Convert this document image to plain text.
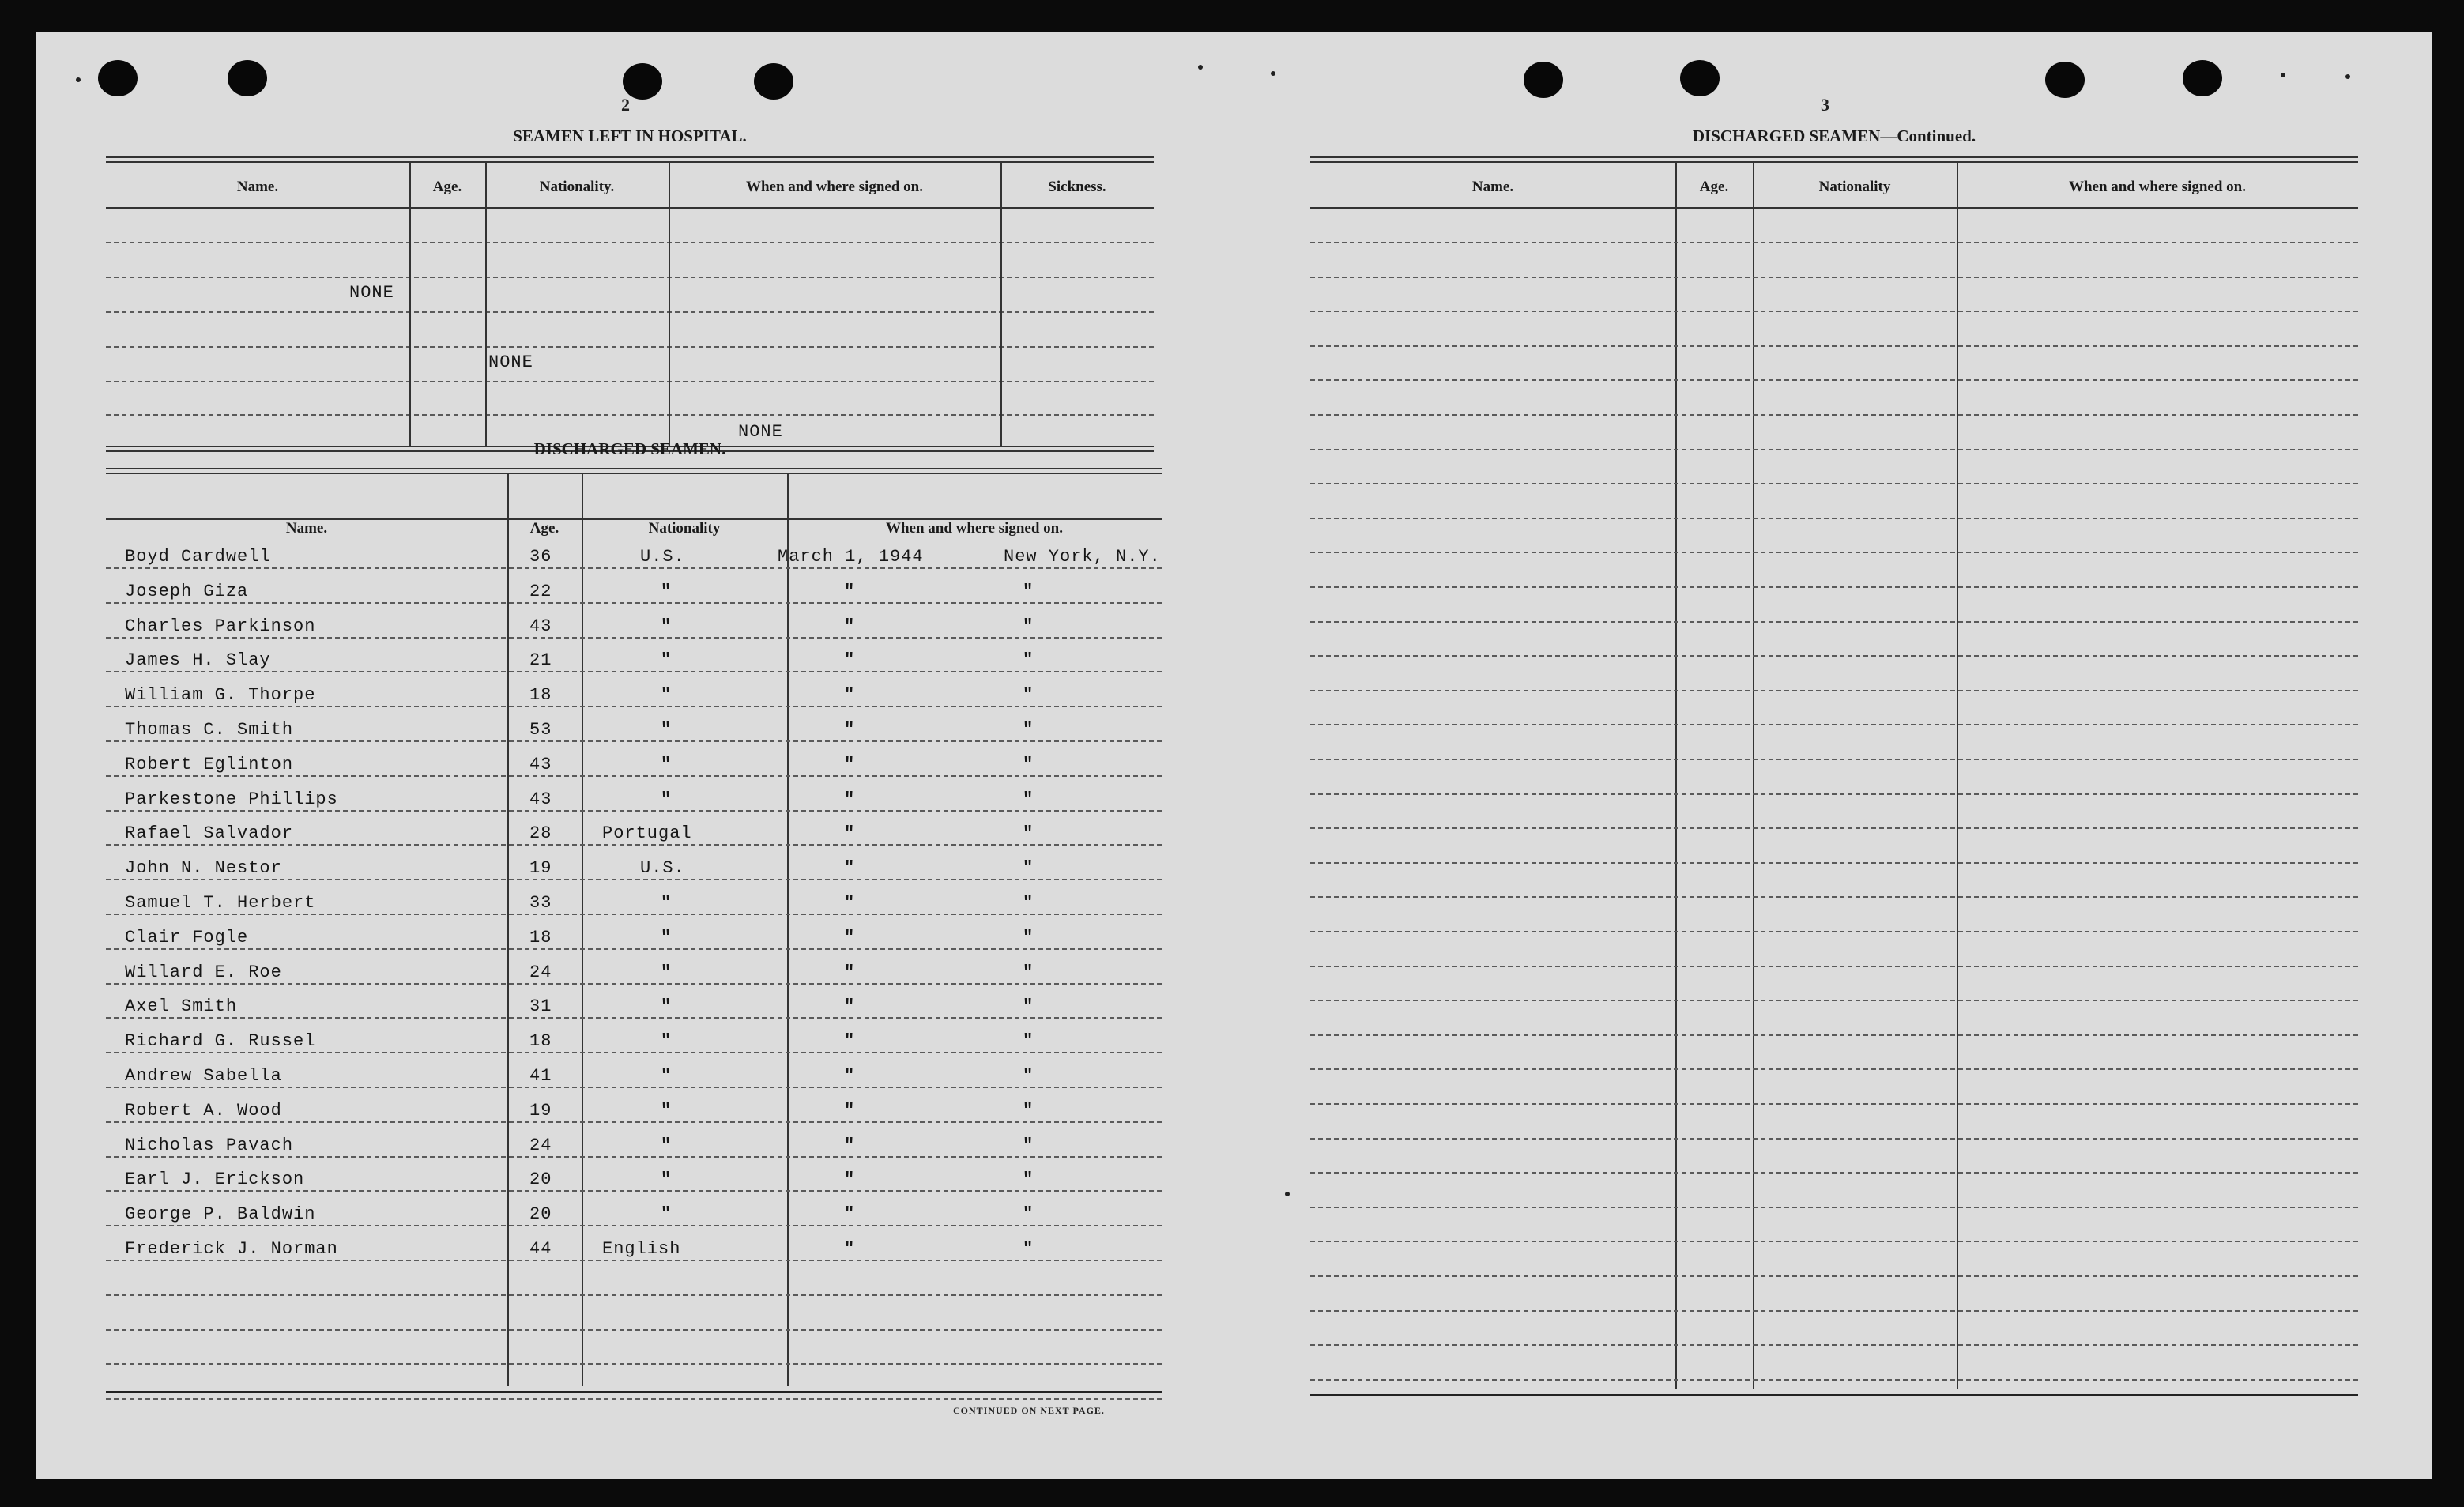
2
SEAMEN LEFT IN HOSPITAL.
Name.	Age.	Nationality.	When and where signed on.	Sickness.
NONE
NONE
NONE
DISCHARGED SEAMEN.
Name.	Age.	Nationality	When and where signed on.
Boyd Cardwell	36	U.S.	March 1, 1944	New York, N.Y.
Joseph Giza	22	"	"	"
Charles Parkinson	43	"	"	"
James H. Slay	21	"	"	"
William G. Thorpe	18	"	"	"
Thomas C. Smith	53	"	"	"
Robert Eglinton	43	"	"	"
Parkestone Phillips	43	"	"	"
Rafael Salvador	28	Portugal	"	"
John N. Nestor	19	U.S.	"	"
Samuel T. Herbert	33	"	"	"
Clair Fogle	18	"	"	"
Willard E. Roe	24	"	"	"
Axel Smith	31	"	"	"
Richard G. Russel	18	"	"	"
Andrew Sabella	41	"	"	"
Robert A. Wood	19	"	"	"
Nicholas Pavach	24	"	"	"
Earl J. Erickson	20	"	"	"
George P. Baldwin	20	"	"	"
Frederick J. Norman	44	English	"	"
CONTINUED ON NEXT PAGE.
3
DISCHARGED SEAMEN—Continued.
Name.	Age.	Nationality	When and where signed on.
